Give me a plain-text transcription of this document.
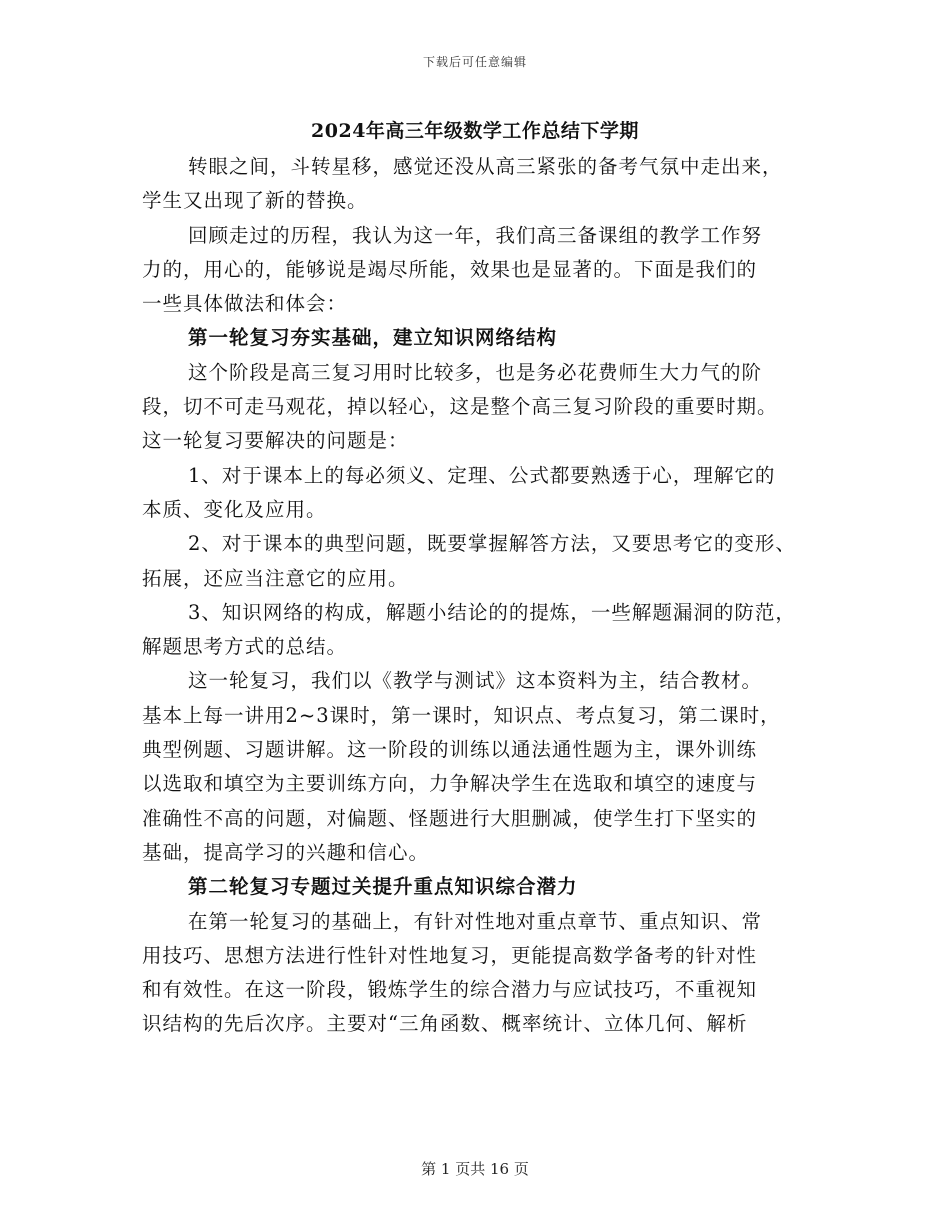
下载后可任意编辑
2024年高三年级数学工作总结下学期
转眼之间，斗转星移，感觉还没从高三紧张的备考气氛中走出来，
学生又出现了新的替换。
回顾走过的历程，我认为这一年，我们高三备课组的教学工作努
力的，用心的，能够说是竭尽所能，效果也是显著的。下面是我们的
一些具体做法和体会：
第一轮复习夯实基础，建立知识网络结构
这个阶段是高三复习用时比较多，也是务必花费师生大力气的阶
段，切不可走马观花，掉以轻心，这是整个高三复习阶段的重要时期。
这一轮复习要解决的问题是：
1、对于课本上的每必须义、定理、公式都要熟透于心，理解它的
本质、变化及应用。
2、对于课本的典型问题，既要掌握解答方法，又要思考它的变形、
拓展，还应当注意它的应用。
3、知识网络的构成，解题小结论的的提炼，一些解题漏洞的防范，
解题思考方式的总结。
这一轮复习，我们以《教学与测试》这本资料为主，结合教材。
基本上每一讲用2~3课时，第一课时，知识点、考点复习，第二课时，
典型例题、习题讲解。这一阶段的训练以通法通性题为主，课外训练
以选取和填空为主要训练方向，力争解决学生在选取和填空的速度与
准确性不高的问题，对偏题、怪题进行大胆删减，使学生打下坚实的
基础，提高学习的兴趣和信心。
第二轮复习专题过关提升重点知识综合潜力
在第一轮复习的基础上，有针对性地对重点章节、重点知识、常
用技巧、思想方法进行性针对性地复习，更能提高数学备考的针对性
和有效性。在这一阶段，锻炼学生的综合潜力与应试技巧，不重视知
识结构的先后次序。主要对“三角函数、概率统计、立体几何、解析
第 1 页共 16 页
